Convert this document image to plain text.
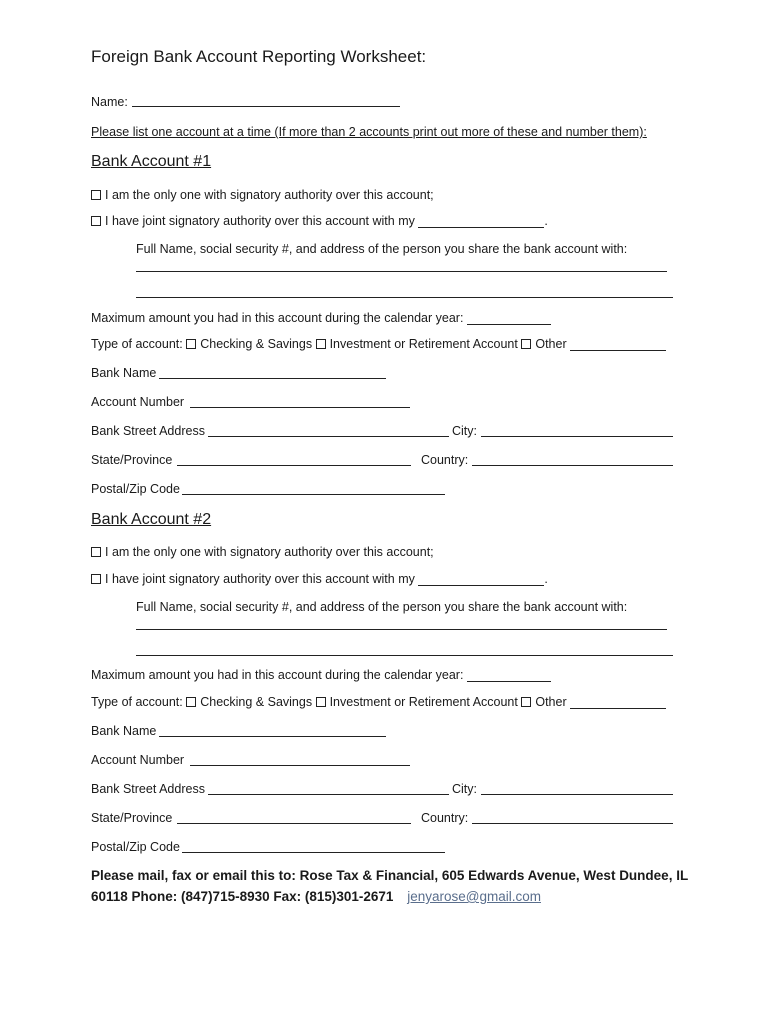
Foreign Bank Account Reporting Worksheet:
Name:
Please list one account at a time (If more than 2 accounts print out more of these and number them):
Bank Account #1
I am the only one with signatory authority over this account;
I have joint signatory authority over this account with my	.
Full Name, social security #, and address of the person you share the bank account with:
Maximum amount you had in this account during the calendar year:
Type of account: Checking & Savings Investment or Retirement Account Other
Bank Name
Account Number
Bank Street Address	City:
State/Province	Country:
Postal/Zip Code
Bank Account #2
I am the only one with signatory authority over this account;
I have joint signatory authority over this account with my	.
Full Name, social security #, and address of the person you share the bank account with:
Maximum amount you had in this account during the calendar year:
Type of account: Checking & Savings Investment or Retirement Account Other
Bank Name
Account Number
Bank Street Address	City:
State/Province	Country:
Postal/Zip Code
Please mail, fax or email this to: Rose Tax & Financial, 605 Edwards Avenue, West Dundee, IL
60118 Phone: (847)715-8930 Fax: (815)301-2671 jenyarose@gmail.com
